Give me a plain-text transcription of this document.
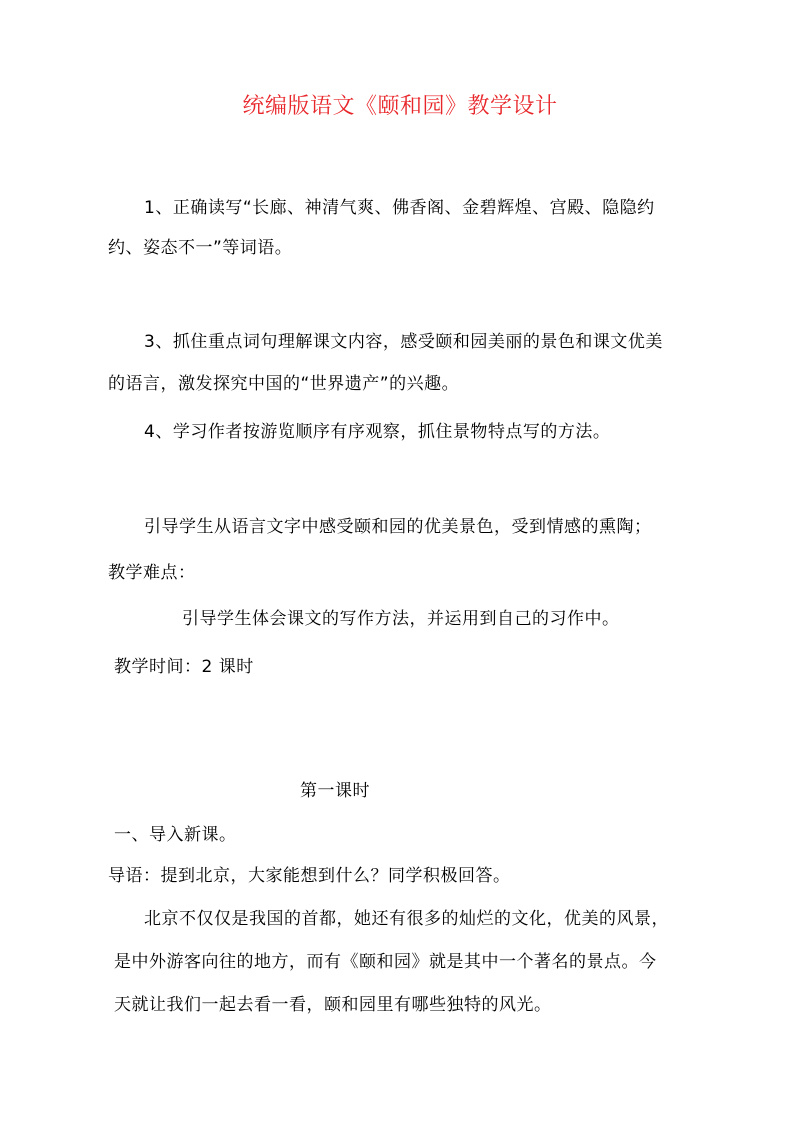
统编版语文《颐和园》教学设计
1、正确读写“长廊、神清气爽、佛香阁、金碧辉煌、宫殿、隐隐约
约、姿态不一”等词语。
3、抓住重点词句理解课文内容，感受颐和园美丽的景色和课文优美
的语言，激发探究中国的“世界遗产”的兴趣。
4、学习作者按游览顺序有序观察，抓住景物特点写的方法。
引导学生从语言文字中感受颐和园的优美景色，受到情感的熏陶；
教学难点：
引导学生体会课文的写作方法，并运用到自己的习作中。
教学时间：2 课时
第一课时
一、导入新课。
导语：提到北京，大家能想到什么？同学积极回答。
北京不仅仅是我国的首都，她还有很多的灿烂的文化，优美的风景，
是中外游客向往的地方，而有《颐和园》就是其中一个著名的景点。今
天就让我们一起去看一看，颐和园里有哪些独特的风光。
